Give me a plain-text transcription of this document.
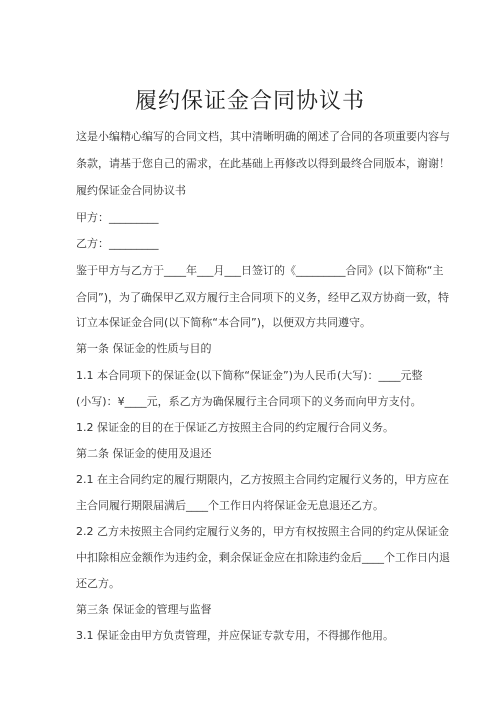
履约保证金合同协议书
这是小编精心编写的合同文档，其中清晰明确的阐述了合同的各项重要内容与
条款，请基于您自己的需求，在此基础上再修改以得到最终合同版本，谢谢！
履约保证金合同协议书
甲方：_________
乙方：_________
鉴于甲方与乙方于____年___月___日签订的《_________合同》(以下简称“主
合同”)，为了确保甲乙双方履行主合同项下的义务，经甲乙双方协商一致，特
订立本保证金合同(以下简称“本合同”)，以便双方共同遵守。
第一条 保证金的性质与目的
1.1 本合同项下的保证金(以下简称“保证金”)为人民币(大写)：____元整
(小写)：¥____元，系乙方为确保履行主合同项下的义务而向甲方支付。
1.2 保证金的目的在于保证乙方按照主合同的约定履行合同义务。
第二条 保证金的使用及退还
2.1 在主合同约定的履行期限内，乙方按照主合同约定履行义务的，甲方应在
主合同履行期限届满后____个工作日内将保证金无息退还乙方。
2.2 乙方未按照主合同约定履行义务的，甲方有权按照主合同的约定从保证金
中扣除相应金额作为违约金，剩余保证金应在扣除违约金后____个工作日内退
还乙方。
第三条 保证金的管理与监督
3.1 保证金由甲方负责管理，并应保证专款专用，不得挪作他用。
